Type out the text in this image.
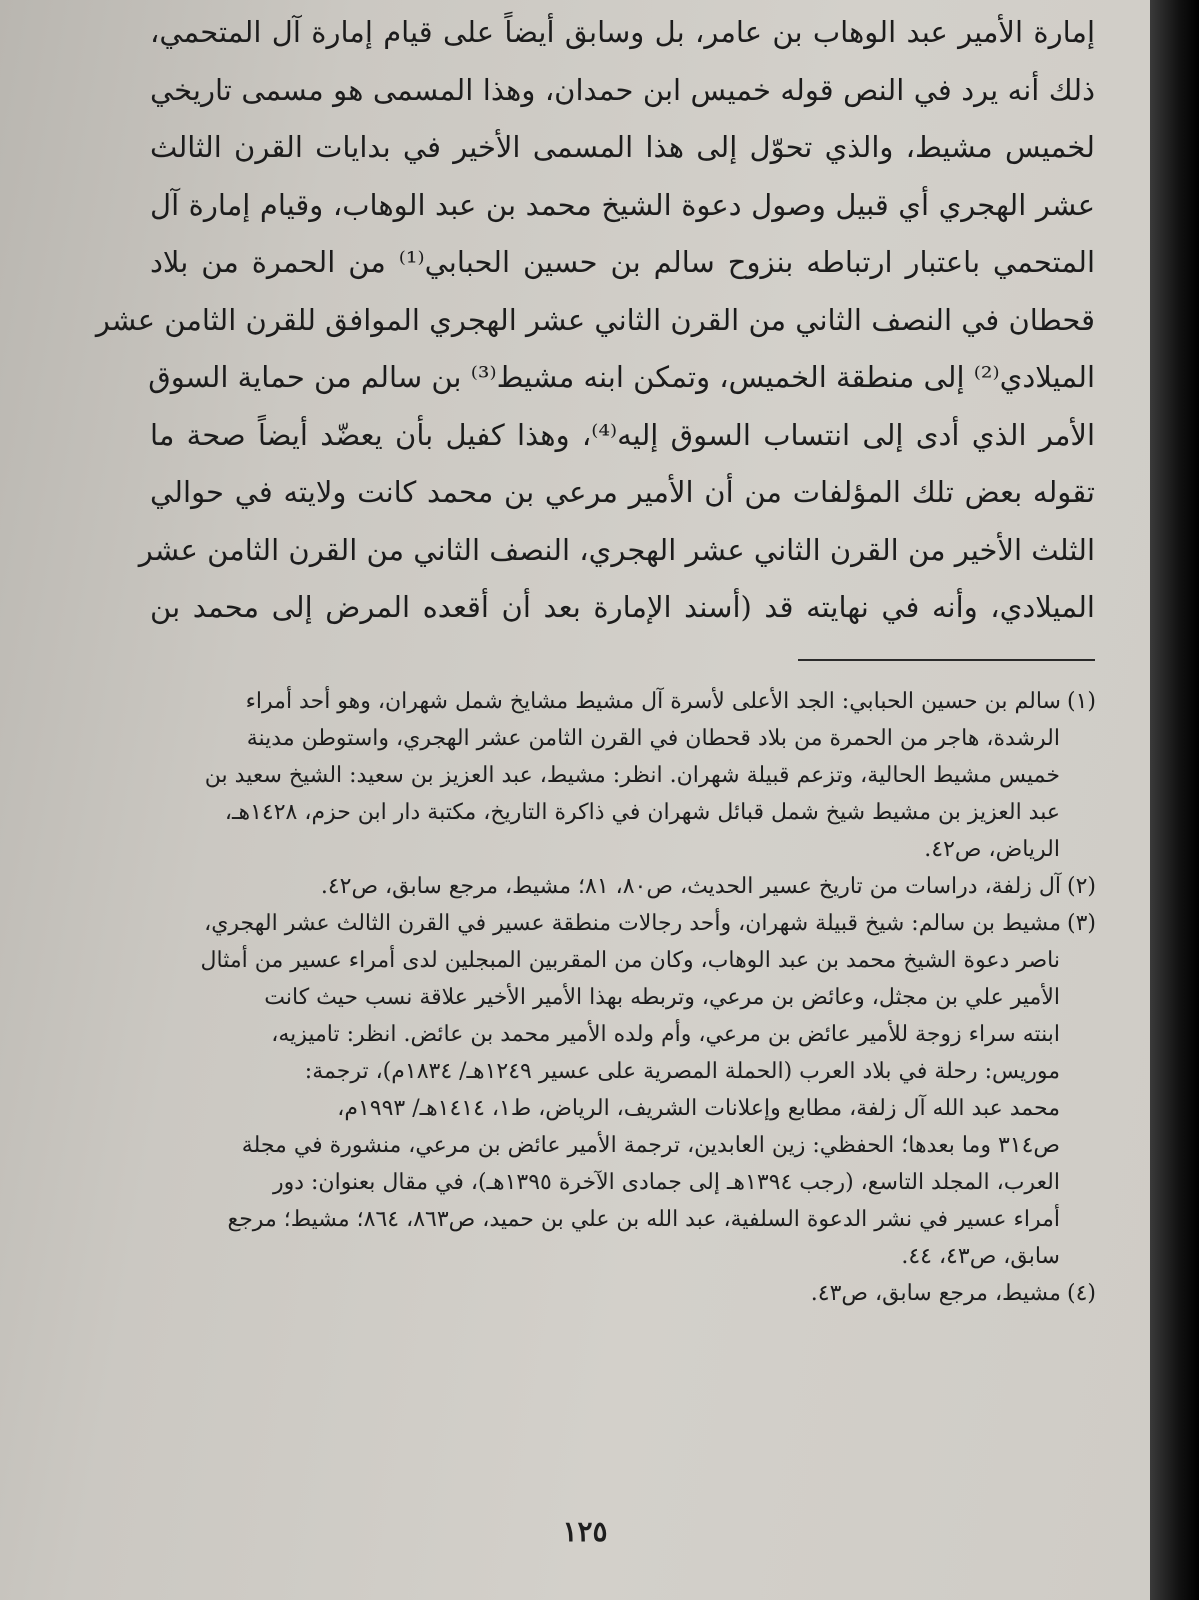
إمارة الأمير عبد الوهاب بن عامر، بل وسابق أيضاً على قيام إمارة آل المتحمي،
ذلك أنه يرد في النص قوله خميس ابن حمدان، وهذا المسمى هو مسمى تاريخي
لخميس مشيط، والذي تحوّل إلى هذا المسمى الأخير في بدايات القرن الثالث
عشر الهجري أي قبيل وصول دعوة الشيخ محمد بن عبد الوهاب، وقيام إمارة آل
المتحمي باعتبار ارتباطه بنزوح سالم بن حسين الحبابي⁽¹⁾ من الحمرة من بلاد
قحطان في النصف الثاني من القرن الثاني عشر الهجري الموافق للقرن الثامن عشر
الميلادي⁽²⁾ إلى منطقة الخميس، وتمكن ابنه مشيط⁽³⁾ بن سالم من حماية السوق
الأمر الذي أدى إلى انتساب السوق إليه⁽⁴⁾، وهذا كفيل بأن يعضّد أيضاً صحة ما
تقوله بعض تلك المؤلفات من أن الأمير مرعي بن محمد كانت ولايته في حوالي
الثلث الأخير من القرن الثاني عشر الهجري، النصف الثاني من القرن الثامن عشر
الميلادي، وأنه في نهايته قد (أسند الإمارة بعد أن أقعده المرض إلى محمد بن
(١)سالم بن حسين الحبابي: الجد الأعلى لأسرة آل مشيط مشايخ شمل شهران، وهو أحد أمراء
الرشدة، هاجر من الحمرة من بلاد قحطان في القرن الثامن عشر الهجري، واستوطن مدينة
خميس مشيط الحالية، وتزعم قبيلة شهران. انظر: مشيط، عبد العزيز بن سعيد: الشيخ سعيد بن
عبد العزيز بن مشيط شيخ شمل قبائل شهران في ذاكرة التاريخ، مكتبة دار ابن حزم، ١٤٢٨هـ،
الرياض، ص٤٢.
(٢)آل زلفة، دراسات من تاريخ عسير الحديث، ص٨٠، ٨١؛ مشيط، مرجع سابق، ص٤٢.
(٣)مشيط بن سالم: شيخ قبيلة شهران، وأحد رجالات منطقة عسير في القرن الثالث عشر الهجري،
ناصر دعوة الشيخ محمد بن عبد الوهاب، وكان من المقربين المبجلين لدى أمراء عسير من أمثال
الأمير علي بن مجثل، وعائض بن مرعي، وتربطه بهذا الأمير الأخير علاقة نسب حيث كانت
ابنته سراء زوجة للأمير عائض بن مرعي، وأم ولده الأمير محمد بن عائض. انظر: تاميزيه،
موريس: رحلة في بلاد العرب (الحملة المصرية على عسير ١٢٤٩هـ/ ١٨٣٤م)، ترجمة:
محمد عبد الله آل زلفة، مطابع وإعلانات الشريف، الرياض، ط١، ١٤١٤هـ/ ١٩٩٣م،
ص٣١٤ وما بعدها؛ الحفظي: زين العابدين، ترجمة الأمير عائض بن مرعي، منشورة في مجلة
العرب، المجلد التاسع، (رجب ١٣٩٤هـ إلى جمادى الآخرة ١٣٩٥هـ)، في مقال بعنوان: دور
أمراء عسير في نشر الدعوة السلفية، عبد الله بن علي بن حميد، ص٨٦٣، ٨٦٤؛ مشيط؛ مرجع
سابق، ص٤٣، ٤٤.
(٤)مشيط، مرجع سابق، ص٤٣.
١٢٥
